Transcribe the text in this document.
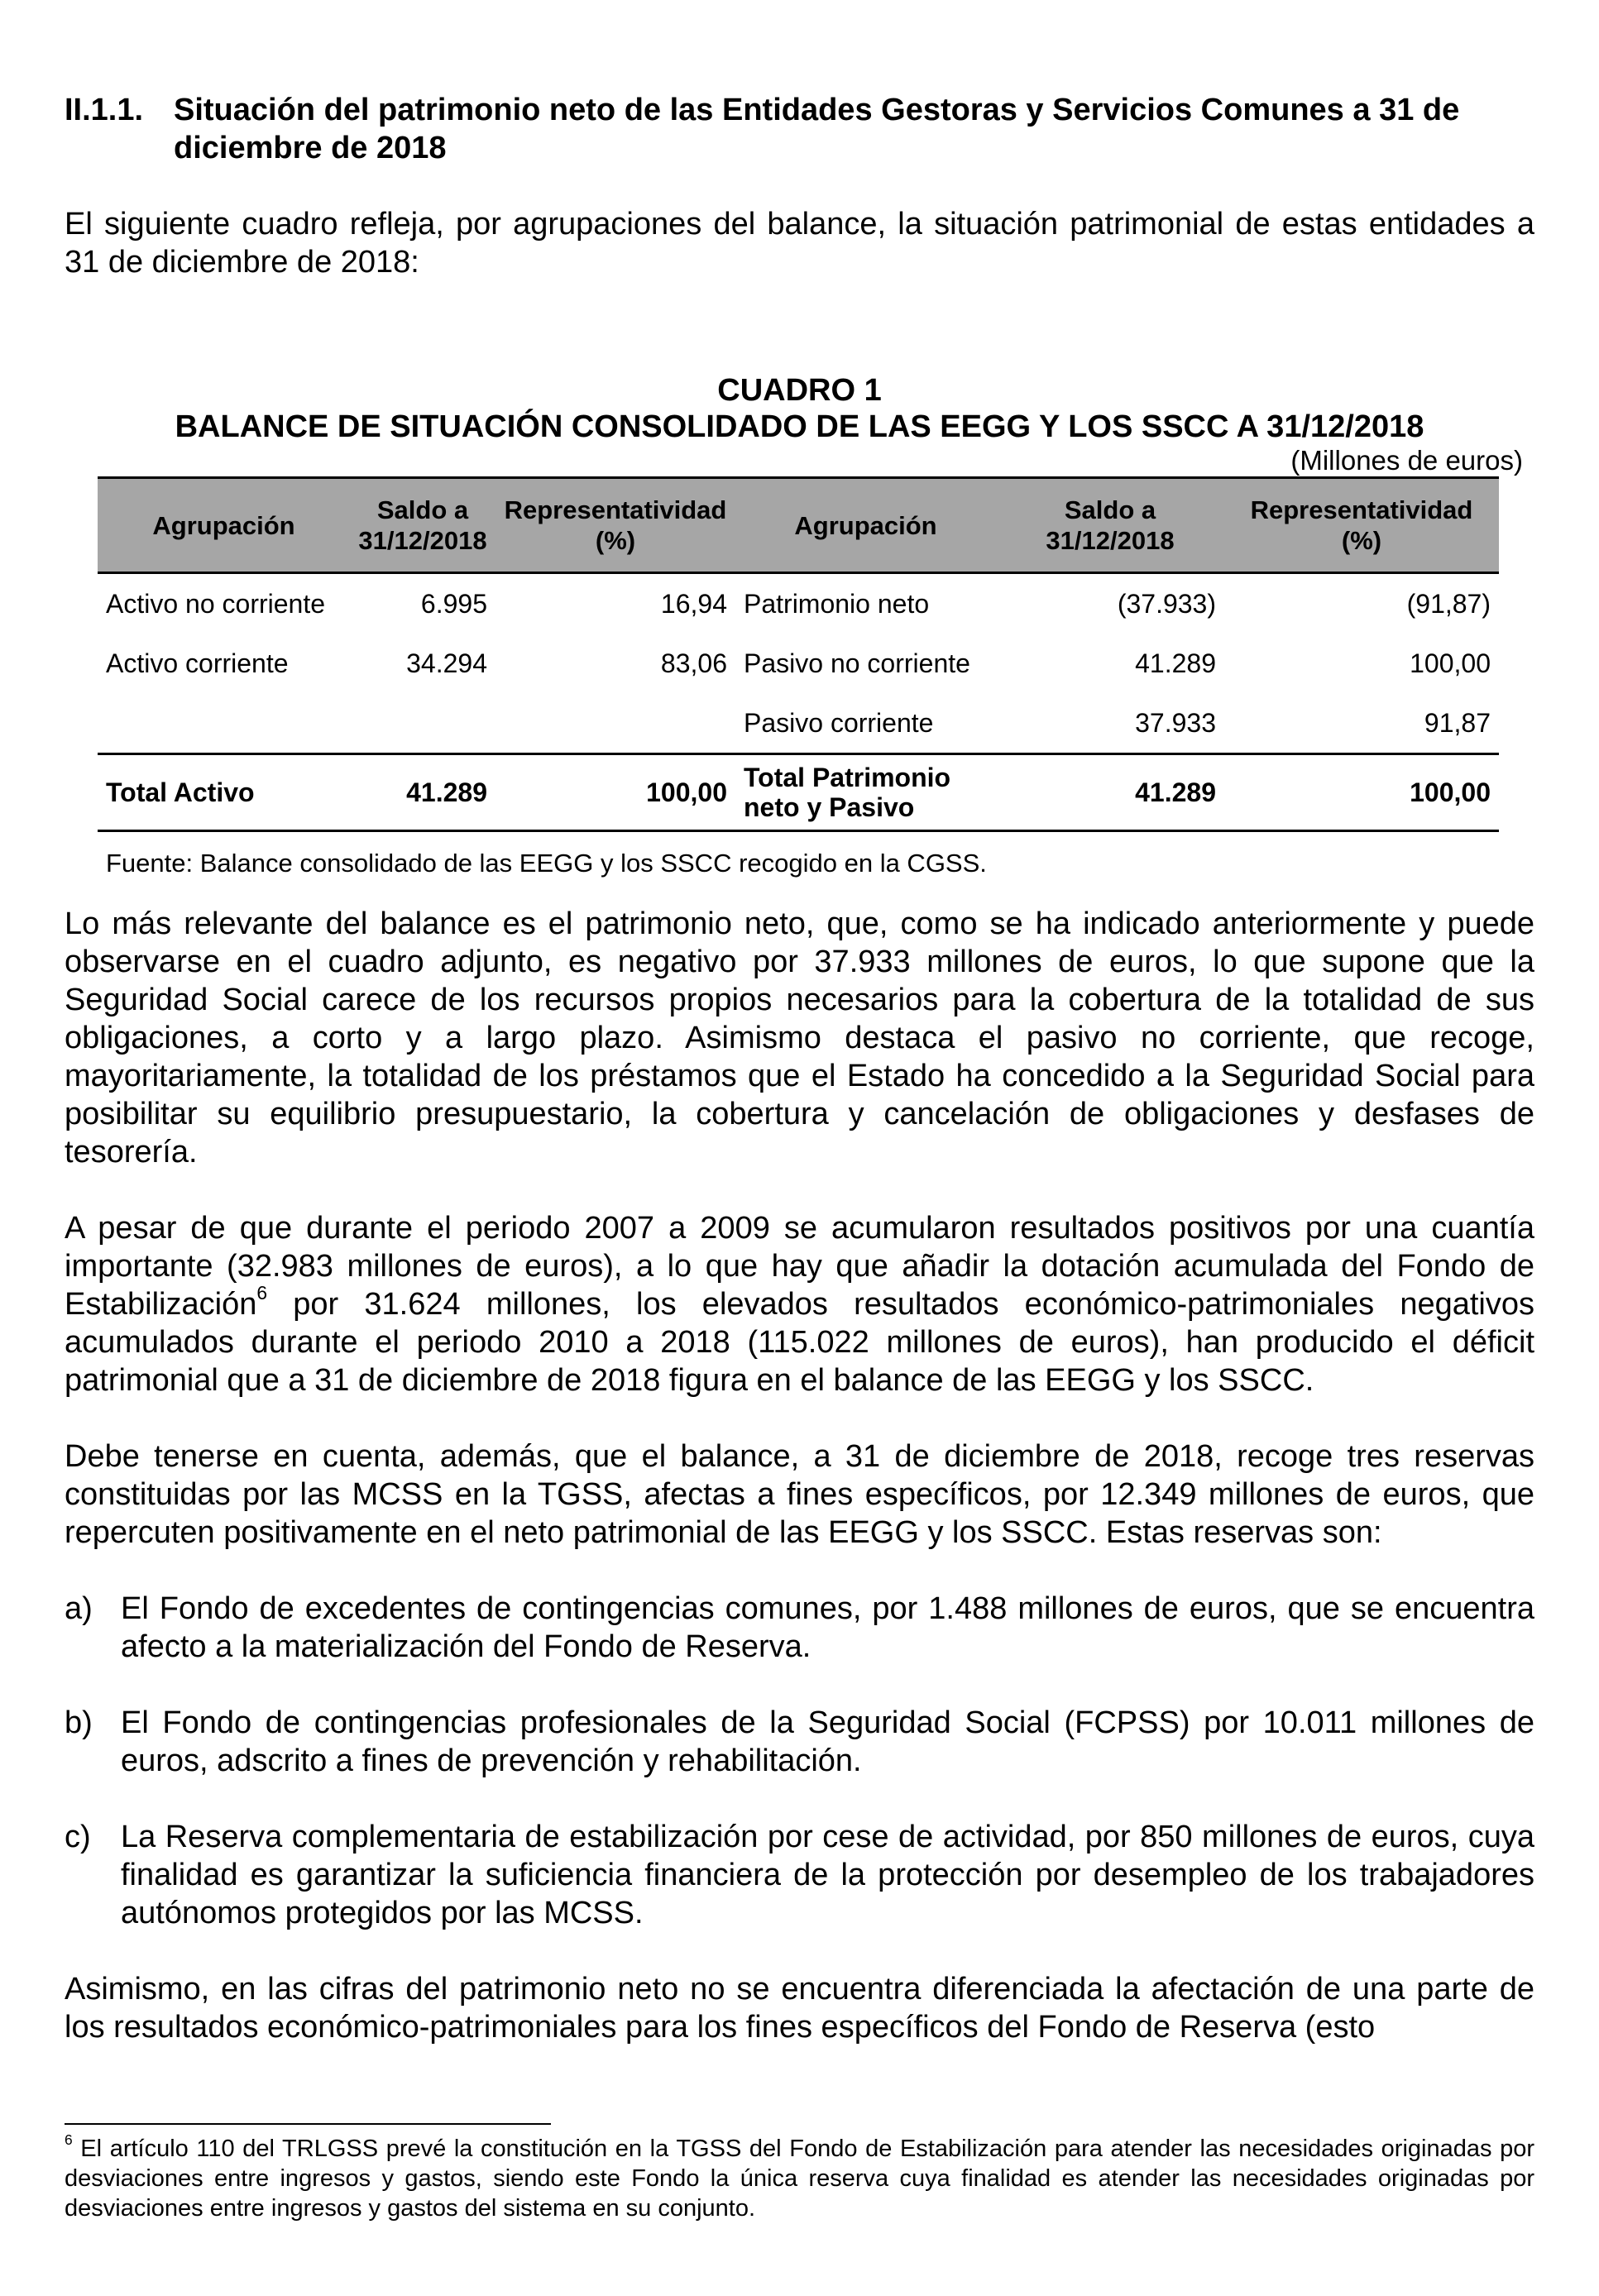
II.1.1. Situación del patrimonio neto de las Entidades Gestoras y Servicios Comunes a 31 de diciembre de 2018

El siguiente cuadro refleja, por agrupaciones del balance, la situación patrimonial de estas entidades a 31 de diciembre de 2018:

CUADRO 1
BALANCE DE SITUACIÓN CONSOLIDADO DE LAS EEGG Y LOS SSCC A 31/12/2018
(Millones de euros)
Agrupación	Saldo a 31/12/2018	Representatividad (%)	Agrupación	Saldo a 31/12/2018	Representatividad (%)
Activo no corriente	6.995	16,94	Patrimonio neto	(37.933)	(91,87)
Activo corriente	34.294	83,06	Pasivo no corriente	41.289	100,00
			Pasivo corriente	37.933	91,87
Total Activo	41.289	100,00	Total Patrimonio neto y Pasivo	41.289	100,00
Fuente: Balance consolidado de las EEGG y los SSCC recogido en la CGSS.

Lo más relevante del balance es el patrimonio neto, que, como se ha indicado anteriormente y puede observarse en el cuadro adjunto, es negativo por 37.933 millones de euros, lo que supone que la Seguridad Social carece de los recursos propios necesarios para la cobertura de la totalidad de sus obligaciones, a corto y a largo plazo. Asimismo destaca el pasivo no corriente, que recoge, mayoritariamente, la totalidad de los préstamos que el Estado ha concedido a la Seguridad Social para posibilitar su equilibrio presupuestario, la cobertura y cancelación de obligaciones y desfases de tesorería.

A pesar de que durante el periodo 2007 a 2009 se acumularon resultados positivos por una cuantía importante (32.983 millones de euros), a lo que hay que añadir la dotación acumulada del Fondo de Estabilización$^6$ por 31.624 millones, los elevados resultados económico-patrimoniales negativos acumulados durante el periodo 2010 a 2018 (115.022 millones de euros), han producido el déficit patrimonial que a 31 de diciembre de 2018 figura en el balance de las EEGG y los SSCC.

Debe tenerse en cuenta, además, que el balance, a 31 de diciembre de 2018, recoge tres reservas constituidas por las MCSS en la TGSS, afectas a fines específicos, por 12.349 millones de euros, que repercuten positivamente en el neto patrimonial de las EEGG y los SSCC. Estas reservas son:

a) El Fondo de excedentes de contingencias comunes, por 1.488 millones de euros, que se encuentra afecto a la materialización del Fondo de Reserva.

b) El Fondo de contingencias profesionales de la Seguridad Social (FCPSS) por 10.011 millones de euros, adscrito a fines de prevención y rehabilitación.

c) La Reserva complementaria de estabilización por cese de actividad, por 850 millones de euros, cuya finalidad es garantizar la suficiencia financiera de la protección por desempleo de los trabajadores autónomos protegidos por las MCSS.

Asimismo, en las cifras del patrimonio neto no se encuentra diferenciada la afectación de una parte de los resultados económico-patrimoniales para los fines específicos del Fondo de Reserva (esto

$^6$ El artículo 110 del TRLGSS prevé la constitución en la TGSS del Fondo de Estabilización para atender las necesidades originadas por desviaciones entre ingresos y gastos, siendo este Fondo la única reserva cuya finalidad es atender las necesidades originadas por desviaciones entre ingresos y gastos del sistema en su conjunto.
